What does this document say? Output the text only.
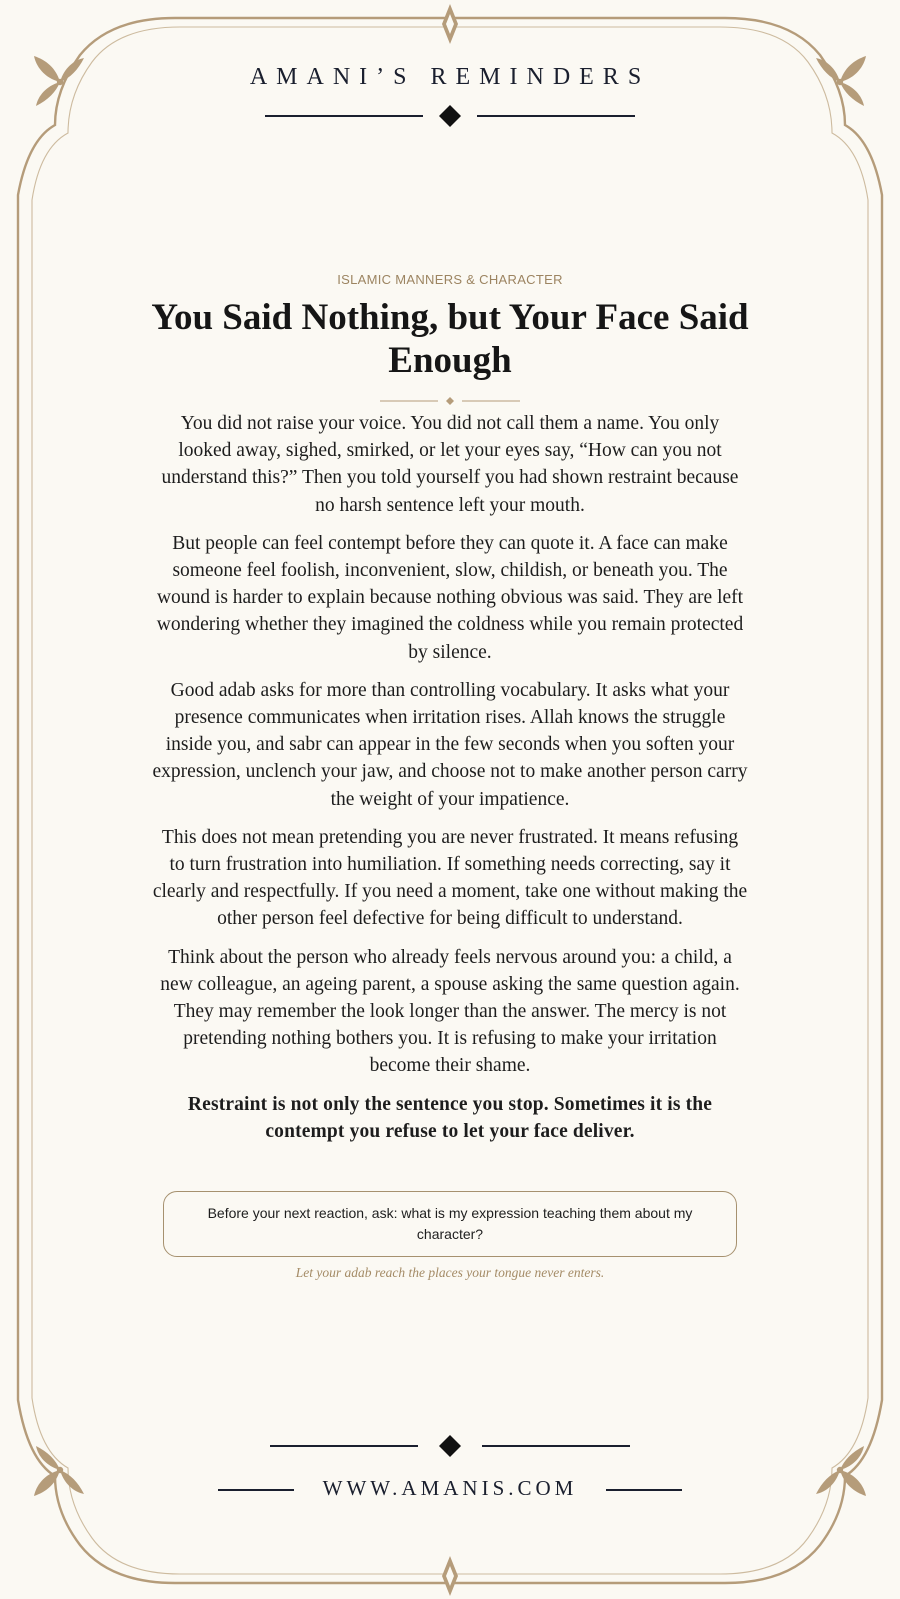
AMANI’S REMINDERS
ISLAMIC MANNERS & CHARACTER
You Said Nothing, but Your Face Said Enough

You did not raise your voice. You did not call them a name. You only looked away, sighed, smirked, or let your eyes say, “How can you not understand this?” Then you told yourself you had shown restraint because no harsh sentence left your mouth.

But people can feel contempt before they can quote it. A face can make someone feel foolish, inconvenient, slow, childish, or beneath you. The wound is harder to explain because nothing obvious was said. They are left wondering whether they imagined the coldness while you remain protected by silence.

Good adab asks for more than controlling vocabulary. It asks what your presence communicates when irritation rises. Allah knows the struggle inside you, and sabr can appear in the few seconds when you soften your expression, unclench your jaw, and choose not to make another person carry the weight of your impatience.

This does not mean pretending you are never frustrated. It means refusing to turn frustration into humiliation. If something needs correcting, say it clearly and respectfully. If you need a moment, take one without making the other person feel defective for being difficult to understand.

Think about the person who already feels nervous around you: a child, a new colleague, an ageing parent, a spouse asking the same question again. They may remember the look longer than the answer. The mercy is not pretending nothing bothers you. It is refusing to make your irritation become their shame.

Restraint is not only the sentence you stop. Sometimes it is the contempt you refuse to let your face deliver.

Before your next reaction, ask: what is my expression teaching them about my character?
Let your adab reach the places your tongue never enters.
WWW.AMANIS.COM
